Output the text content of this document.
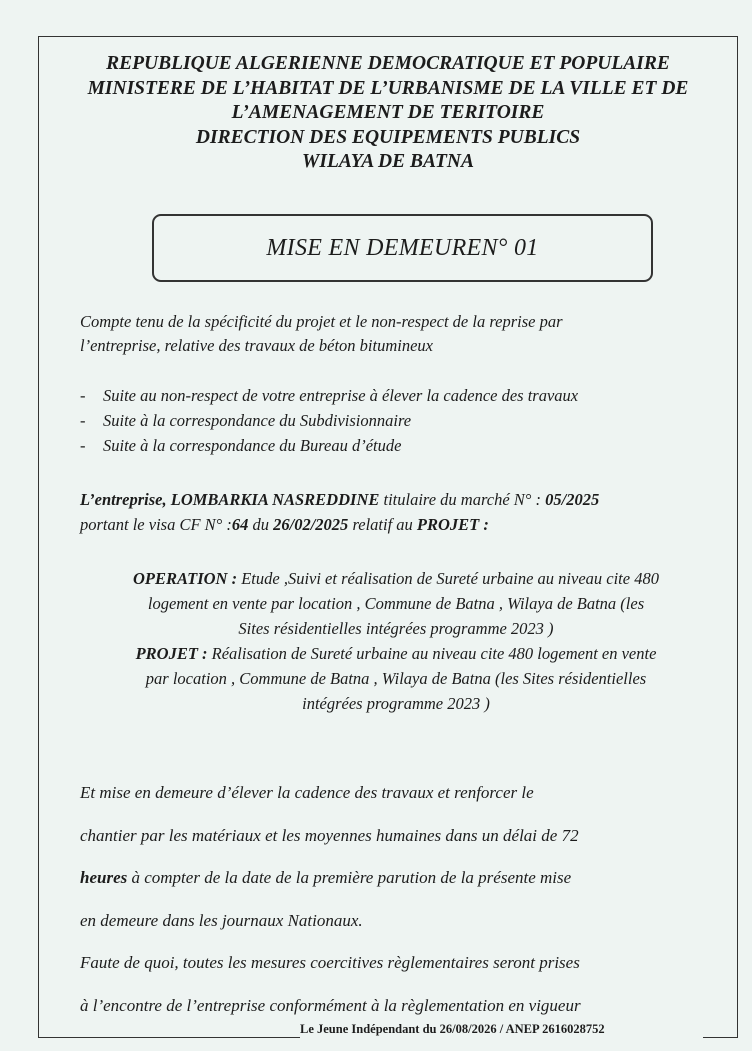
REPUBLIQUE ALGERIENNE DEMOCRATIQUE ET POPULAIRE
MINISTERE DE L’HABITAT DE L’URBANISME DE LA VILLE ET DE
L’AMENAGEMENT DE TERITOIRE
DIRECTION DES EQUIPEMENTS PUBLICS
WILAYA DE BATNA
MISE EN DEMEUREN° 01
Compte tenu de la spécificité du projet et le non-respect de la reprise par
l’entreprise, relative des travaux de béton bitumineux
- Suite au non-respect de votre entreprise à élever la cadence des travaux
- Suite à la correspondance du Subdivisionnaire
- Suite à la correspondance du Bureau d’étude
L’entreprise, LOMBARKIA NASREDDINE titulaire du marché N° : 05/2025
portant le visa CF N° :64 du 26/02/2025 relatif au PROJET :
OPERATION : Etude ,Suivi et réalisation de Sureté urbaine au niveau cite 480
logement en vente par location , Commune de Batna , Wilaya de Batna (les
Sites résidentielles intégrées programme 2023 )
PROJET : Réalisation de Sureté urbaine au niveau cite 480 logement en vente
par location , Commune de Batna , Wilaya de Batna (les Sites résidentielles
intégrées programme 2023 )
Et mise en demeure d’élever la cadence des travaux et renforcer le
chantier par les matériaux et les moyennes humaines dans un délai de 72
heures à compter de la date de la première parution de la présente mise
en demeure dans les journaux Nationaux.
Faute de quoi, toutes les mesures coercitives règlementaires seront prises
à l’encontre de l’entreprise conformément à la règlementation en vigueur
Le Jeune Indépendant du 26/08/2026 / ANEP 2616028752
